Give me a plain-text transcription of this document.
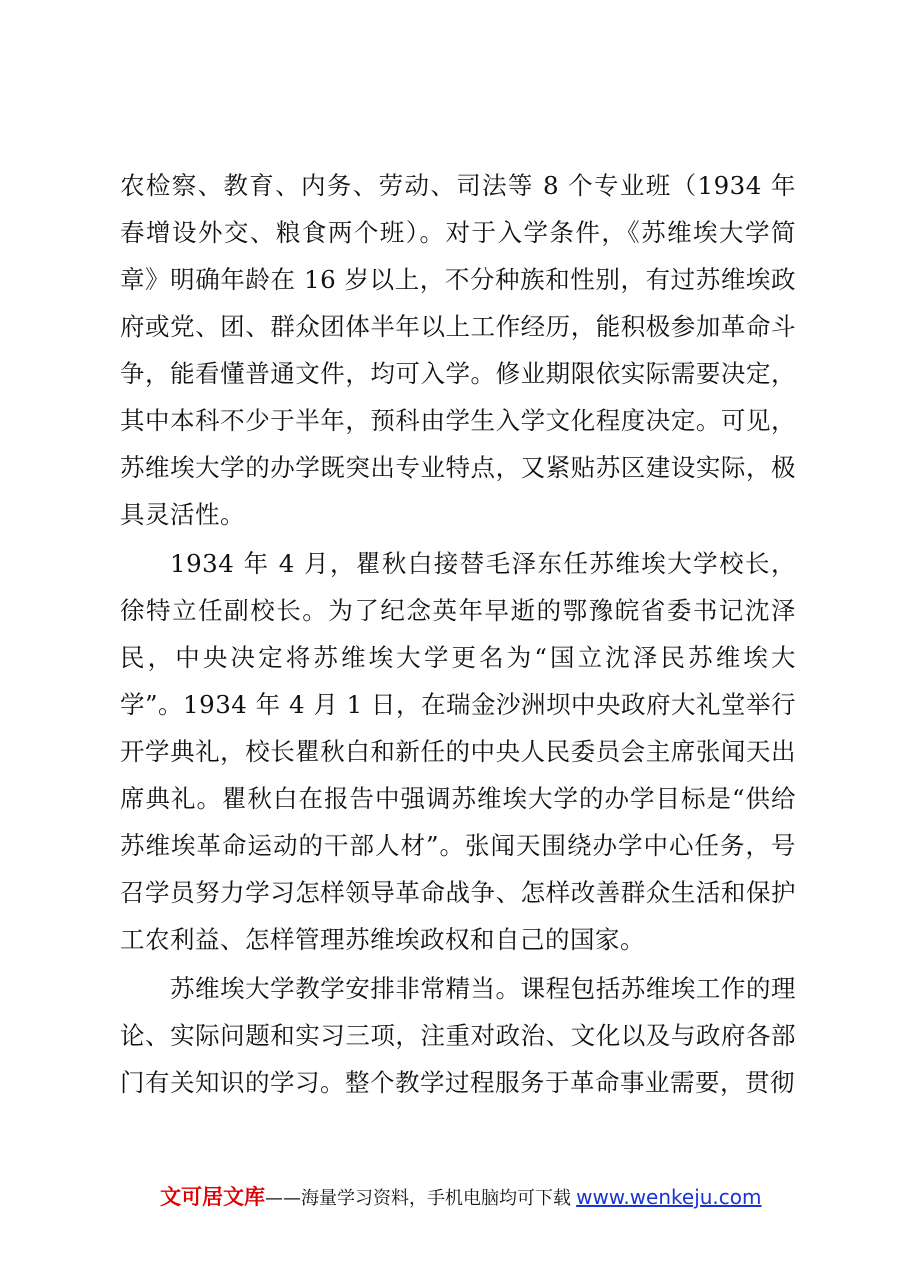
农检察、教育、内务、劳动、司法等 8 个专业班（1934 年春增设外交、粮食两个班）。对于入学条件，《苏维埃大学简章》明确年龄在 16 岁以上，不分种族和性别，有过苏维埃政府或党、团、群众团体半年以上工作经历，能积极参加革命斗争，能看懂普通文件，均可入学。修业期限依实际需要决定，其中本科不少于半年，预科由学生入学文化程度决定。可见，苏维埃大学的办学既突出专业特点，又紧贴苏区建设实际，极具灵活性。

1934 年 4 月，瞿秋白接替毛泽东任苏维埃大学校长，徐特立任副校长。为了纪念英年早逝的鄂豫皖省委书记沈泽民，中央决定将苏维埃大学更名为“国立沈泽民苏维埃大学”。1934 年 4 月 1 日，在瑞金沙洲坝中央政府大礼堂举行开学典礼，校长瞿秋白和新任的中央人民委员会主席张闻天出席典礼。瞿秋白在报告中强调苏维埃大学的办学目标是“供给苏维埃革命运动的干部人材”。张闻天围绕办学中心任务，号召学员努力学习怎样领导革命战争、怎样改善群众生活和保护工农利益、怎样管理苏维埃政权和自己的国家。

苏维埃大学教学安排非常精当。课程包括苏维埃工作的理论、实际问题和实习三项，注重对政治、文化以及与政府各部门有关知识的学习。整个教学过程服务于革命事业需要，贯彻

文可居文库——海量学习资料，手机电脑均可下载 www.wenkeju.com
